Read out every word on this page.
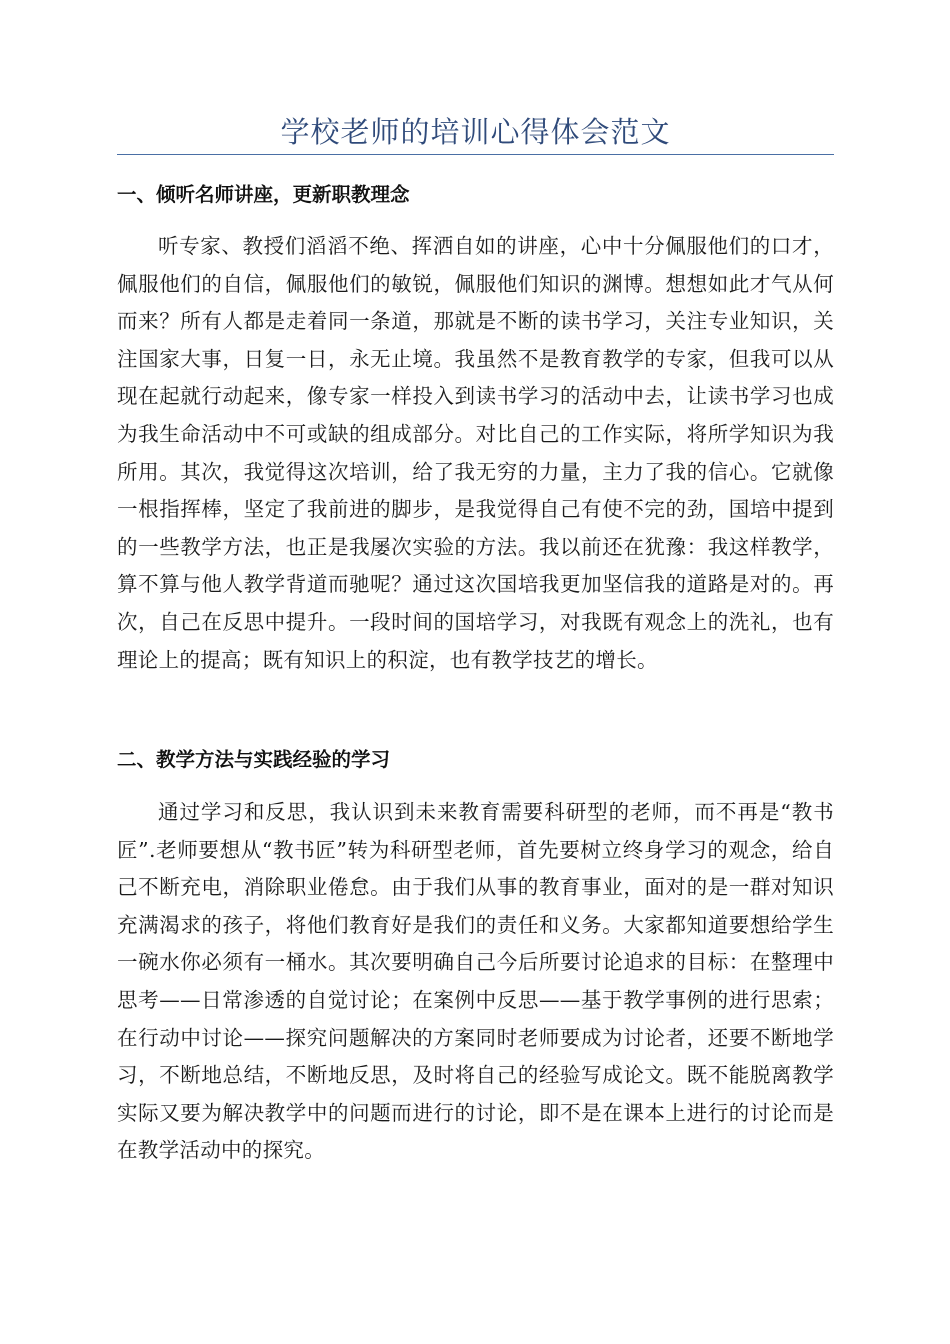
学校老师的培训心得体会范文
一、倾听名师讲座，更新职教理念

听专家、教授们滔滔不绝、挥洒自如的讲座，心中十分佩服他们的口才，佩服他们的自信，佩服他们的敏锐，佩服他们知识的渊博。想想如此才气从何而来？所有人都是走着同一条道，那就是不断的读书学习，关注专业知识，关注国家大事，日复一日，永无止境。我虽然不是教育教学的专家，但我可以从现在起就行动起来，像专家一样投入到读书学习的活动中去，让读书学习也成为我生命活动中不可或缺的组成部分。对比自己的工作实际，将所学知识为我所用。其次，我觉得这次培训，给了我无穷的力量，主力了我的信心。它就像一根指挥棒，坚定了我前进的脚步，是我觉得自己有使不完的劲，国培中提到的一些教学方法，也正是我屡次实验的方法。我以前还在犹豫：我这样教学，算不算与他人教学背道而驰呢？通过这次国培我更加坚信我的道路是对的。再次，自己在反思中提升。一段时间的国培学习，对我既有观念上的洗礼，也有理论上的提高；既有知识上的积淀，也有教学技艺的增长。

二、教学方法与实践经验的学习

通过学习和反思，我认识到未来教育需要科研型的老师，而不再是“教书匠”.老师要想从“教书匠”转为科研型老师，首先要树立终身学习的观念，给自己不断充电，消除职业倦怠。由于我们从事的教育事业，面对的是一群对知识充满渴求的孩子，将他们教育好是我们的责任和义务。大家都知道要想给学生一碗水你必须有一桶水。其次要明确自己今后所要讨论追求的目标：在整理中思考——日常渗透的自觉讨论；在案例中反思——基于教学事例的进行思索；在行动中讨论——探究问题解决的方案同时老师要成为讨论者，还要不断地学习，不断地总结，不断地反思，及时将自己的经验写成论文。既不能脱离教学实际又要为解决教学中的问题而进行的讨论，即不是在课本上进行的讨论而是在教学活动中的探究。
